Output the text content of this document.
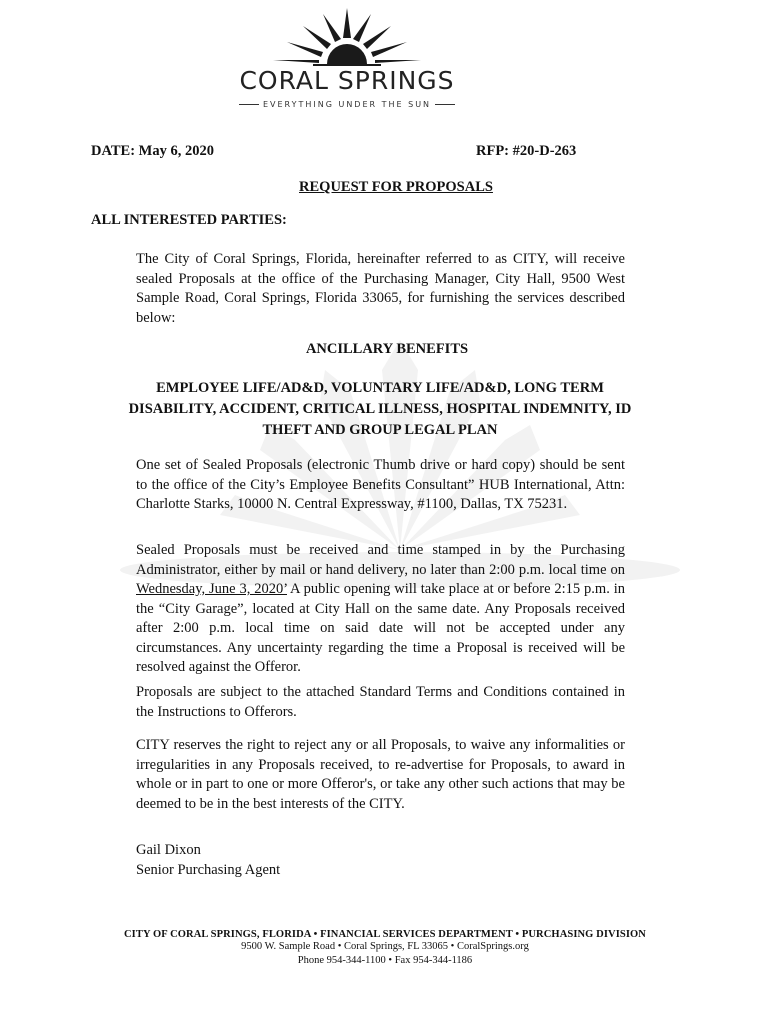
CORAL SPRINGS
EVERYTHING UNDER THE SUN
DATE: May 6, 2020	RFP: #20-D-263
REQUEST FOR PROPOSALS
ALL INTERESTED PARTIES:
The City of Coral Springs, Florida, hereinafter referred to as CITY, will receive sealed Proposals at the office of the Purchasing Manager, City Hall, 9500 West Sample Road, Coral Springs, Florida 33065, for furnishing the services described below:
ANCILLARY BENEFITS
EMPLOYEE LIFE/AD&D, VOLUNTARY LIFE/AD&D, LONG TERM DISABILITY, ACCIDENT, CRITICAL ILLNESS, HOSPITAL INDEMNITY, ID THEFT AND GROUP LEGAL PLAN
One set of Sealed Proposals (electronic Thumb drive or hard copy) should be sent to the office of the City’s Employee Benefits Consultant” HUB International, Attn: Charlotte Starks, 10000 N. Central Expressway, #1100, Dallas, TX 75231.
Sealed Proposals must be received and time stamped in by the Purchasing Administrator, either by mail or hand delivery, no later than 2:00 p.m. local time on Wednesday, June 3, 2020’ A public opening will take place at or before 2:15 p.m. in the “City Garage”, located at City Hall on the same date. Any Proposals received after 2:00 p.m. local time on said date will not be accepted under any circumstances. Any uncertainty regarding the time a Proposal is received will be resolved against the Offeror.
Proposals are subject to the attached Standard Terms and Conditions contained in the Instructions to Offerors.
CITY reserves the right to reject any or all Proposals, to waive any informalities or irregularities in any Proposals received, to re-advertise for Proposals, to award in whole or in part to one or more Offeror's, or take any other such actions that may be deemed to be in the best interests of the CITY.
Gail Dixon
Senior Purchasing Agent
CITY OF CORAL SPRINGS, FLORIDA • FINANCIAL SERVICES DEPARTMENT • PURCHASING DIVISION
9500 W. Sample Road • Coral Springs, FL 33065 • CoralSprings.org
Phone 954-344-1100 • Fax 954-344-1186
